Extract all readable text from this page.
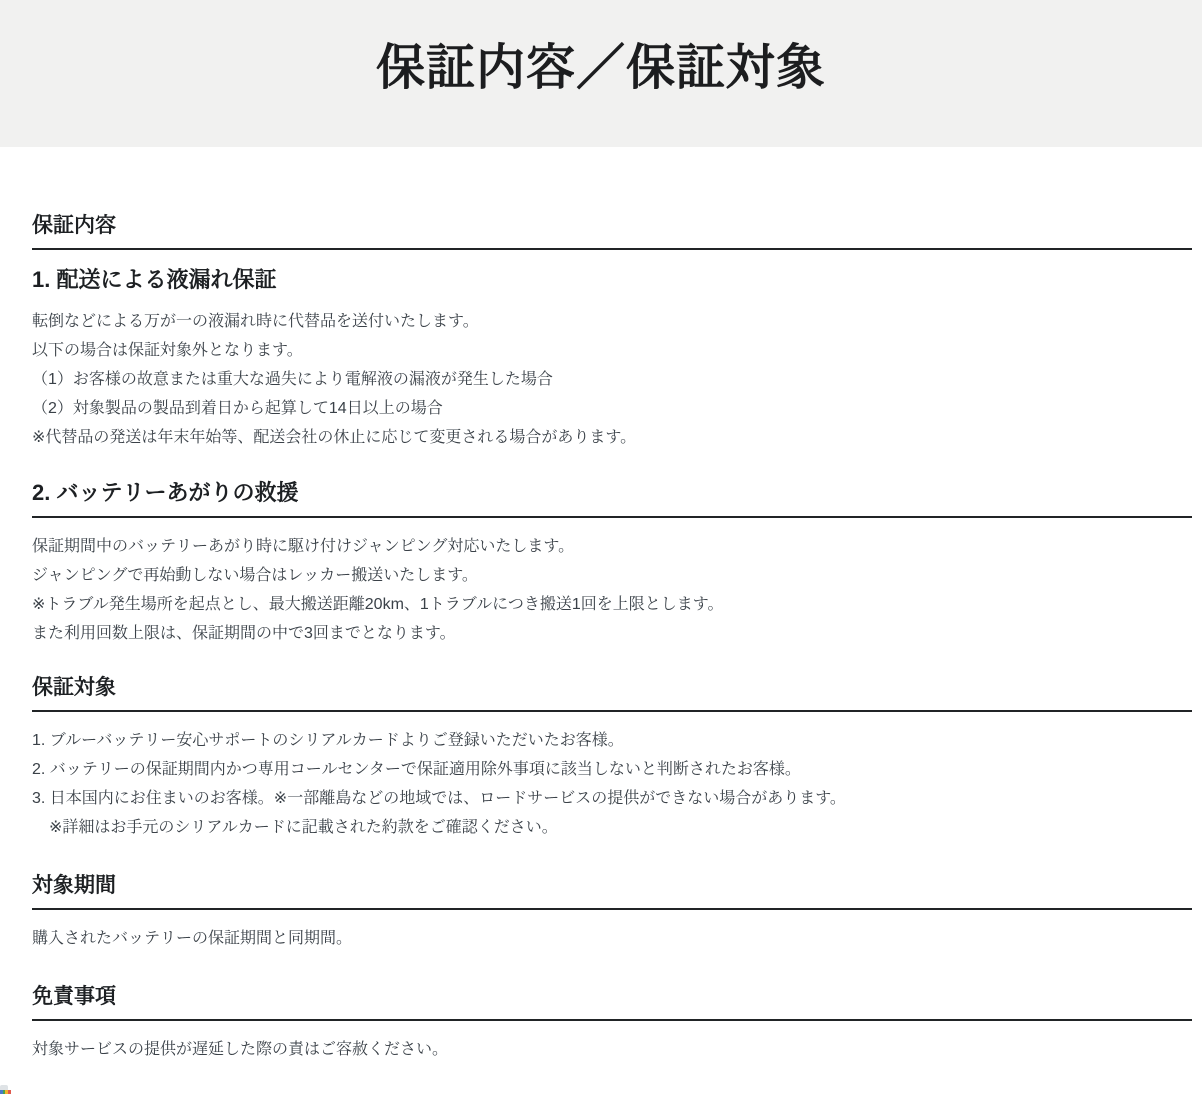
保証内容／保証対象
保証内容
1. 配送による液漏れ保証

転倒などによる万が一の液漏れ時に代替品を送付いたします。

以下の場合は保証対象外となります。

（1）お客様の故意または重大な過失により電解液の漏液が発生した場合

（2）対象製品の製品到着日から起算して14日以上の場合

※代替品の発送は年末年始等、配送会社の休止に応じて変更される場合があります。

2. バッテリーあがりの救援

保証期間中のバッテリーあがり時に駆け付けジャンピング対応いたします。

ジャンピングで再始動しない場合はレッカー搬送いたします。

※トラブル発生場所を起点とし、最大搬送距離20km、1トラブルにつき搬送1回を上限とします。

また利用回数上限は、保証期間の中で3回までとなります。

保証対象

1. ブルーバッテリー安心サポートのシリアルカードよりご登録いただいたお客様。

2. バッテリーの保証期間内かつ専用コールセンターで保証適用除外事項に該当しないと判断されたお客様。

3. 日本国内にお住まいのお客様。※一部離島などの地域では、ロードサービスの提供ができない場合があります。

※詳細はお手元のシリアルカードに記載された約款をご確認ください。

対象期間

購入されたバッテリーの保証期間と同期間。

免責事項

対象サービスの提供が遅延した際の責はご容赦ください。
